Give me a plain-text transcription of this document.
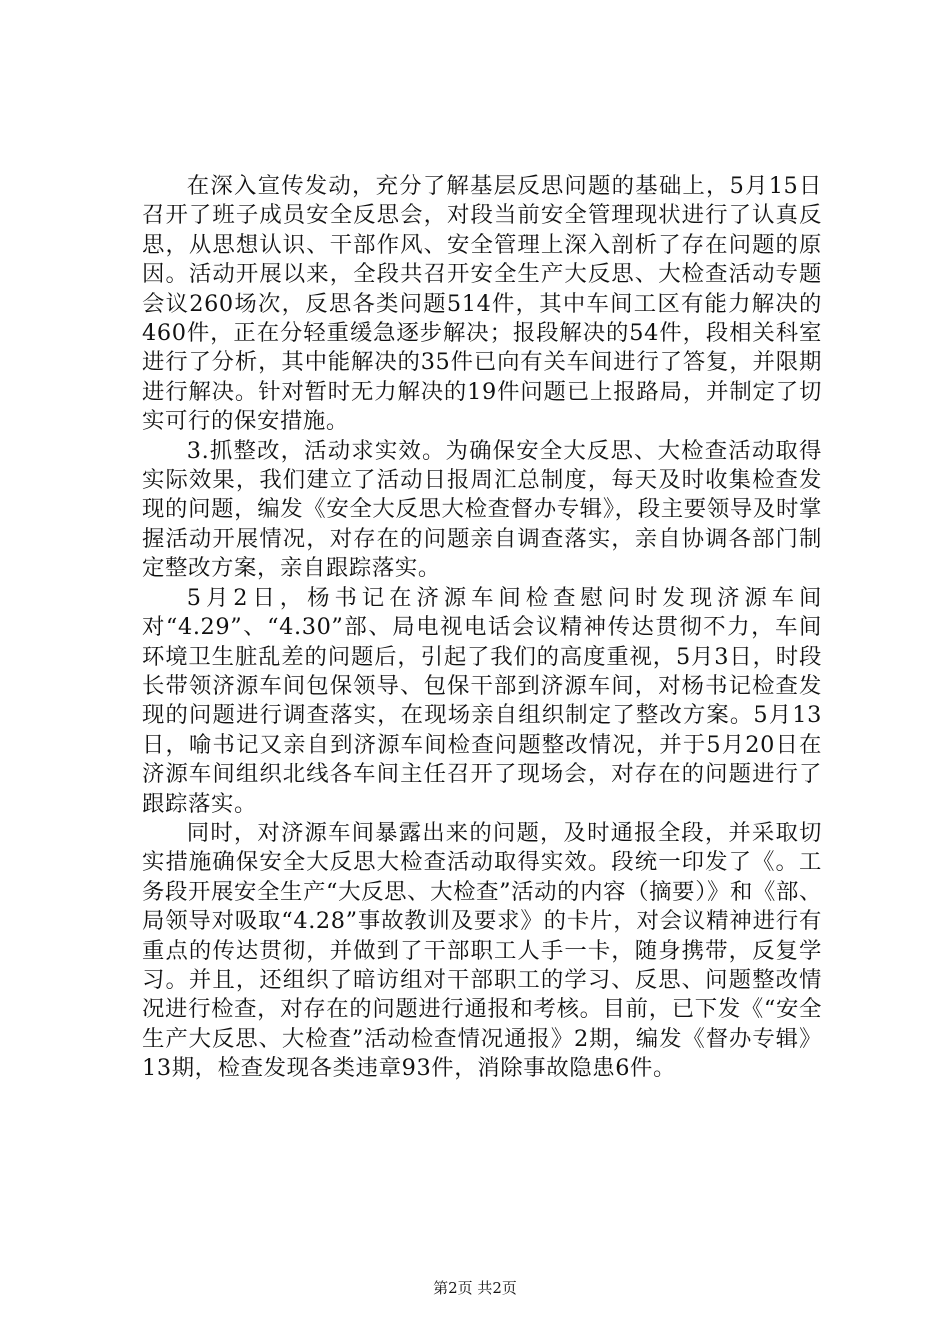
在深入宣传发动，充分了解基层反思问题的基础上，5月15日召开了班子成员安全反思会，对段当前安全管理现状进行了认真反思，从思想认识、干部作风、安全管理上深入剖析了存在问题的原因。活动开展以来，全段共召开安全生产大反思、大检查活动专题会议260场次，反思各类问题514件，其中车间工区有能力解决的460件，正在分轻重缓急逐步解决；报段解决的54件，段相关科室进行了分析，其中能解决的35件已向有关车间进行了答复，并限期进行解决。针对暂时无力解决的19件问题已上报路局，并制定了切实可行的保安措施。

3.抓整改，活动求实效。为确保安全大反思、大检查活动取得实际效果，我们建立了活动日报周汇总制度，每天及时收集检查发现的问题，编发《安全大反思大检查督办专辑》，段主要领导及时掌握活动开展情况，对存在的问题亲自调查落实，亲自协调各部门制定整改方案，亲自跟踪落实。

5月2日，杨书记在济源车间检查慰问时发现济源车间对“4.29”、“4.30”部、局电视电话会议精神传达贯彻不力，车间环境卫生脏乱差的问题后，引起了我们的高度重视，5月3日，时段长带领济源车间包保领导、包保干部到济源车间，对杨书记检查发现的问题进行调查落实，在现场亲自组织制定了整改方案。5月13日，喻书记又亲自到济源车间检查问题整改情况，并于5月20日在济源车间组织北线各车间主任召开了现场会，对存在的问题进行了跟踪落实。

同时，对济源车间暴露出来的问题，及时通报全段，并采取切实措施确保安全大反思大检查活动取得实效。段统一印发了《。工务段开展安全生产“大反思、大检查”活动的内容（摘要）》和《部、局领导对吸取“4.28”事故教训及要求》的卡片，对会议精神进行有重点的传达贯彻，并做到了干部职工人手一卡，随身携带，反复学习。并且，还组织了暗访组对干部职工的学习、反思、问题整改情况进行检查，对存在的问题进行通报和考核。目前，已下发《“安全生产大反思、大检查”活动检查情况通报》2期，编发《督办专辑》13期，检查发现各类违章93件，消除事故隐患6件。

第2页 共2页
